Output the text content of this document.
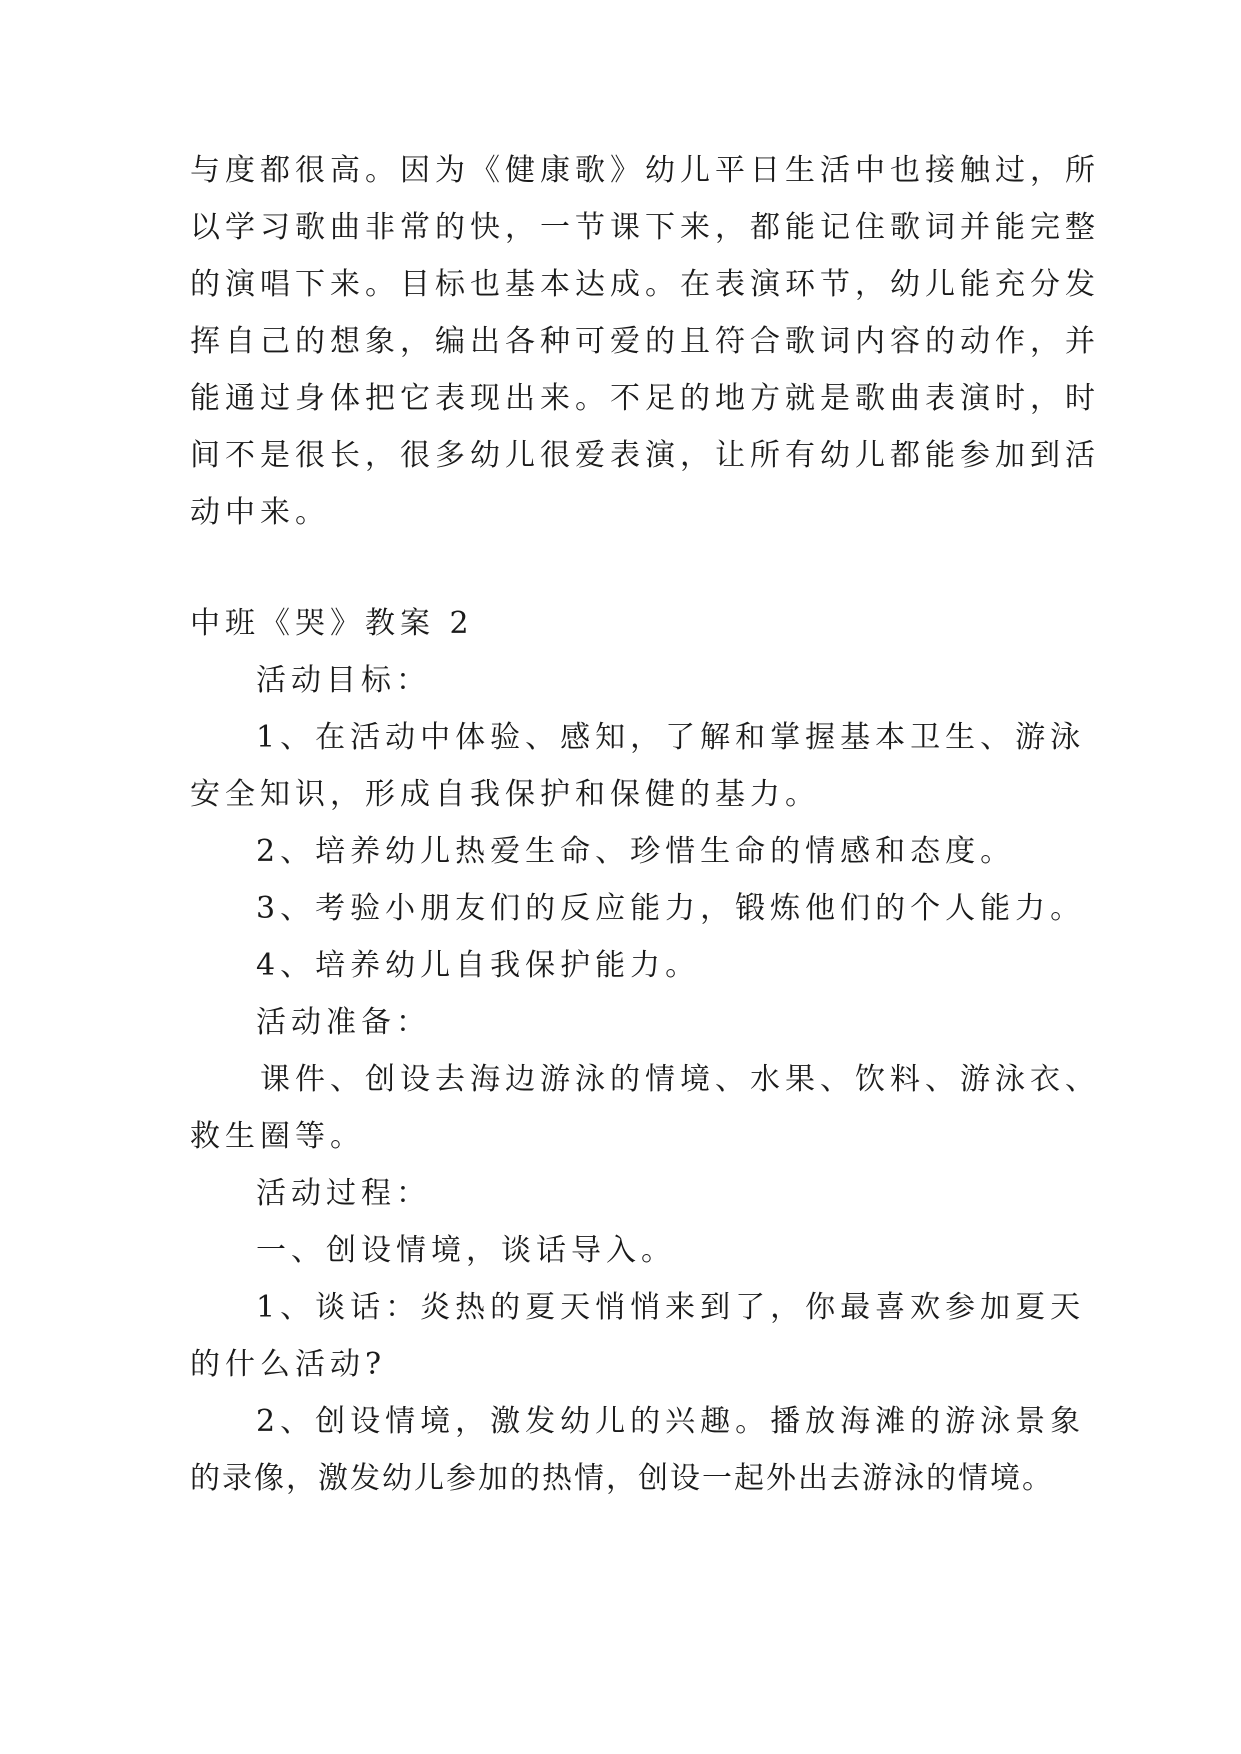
与度都很高。因为《健康歌》幼儿平日生活中也接触过，所
以学习歌曲非常的快，一节课下来，都能记住歌词并能完整
的演唱下来。目标也基本达成。在表演环节，幼儿能充分发
挥自己的想象，编出各种可爱的且符合歌词内容的动作，并
能通过身体把它表现出来。不足的地方就是歌曲表演时，时
间不是很长，很多幼儿很爱表演，让所有幼儿都能参加到活
动中来。
中班《哭》教案 2
活动目标：
1、在活动中体验、感知，了解和掌握基本卫生、游泳
安全知识，形成自我保护和保健的基力。
2、培养幼儿热爱生命、珍惜生命的情感和态度。
3、考验小朋友们的反应能力，锻炼他们的个人能力。
4、培养幼儿自我保护能力。
活动准备：
课件、创设去海边游泳的情境、水果、饮料、游泳衣、
救生圈等。
活动过程：
一、创设情境，谈话导入。
1、谈话：炎热的夏天悄悄来到了，你最喜欢参加夏天
的什么活动?
2、创设情境，激发幼儿的兴趣。播放海滩的游泳景象
的录像，激发幼儿参加的热情，创设一起外出去游泳的情境。
